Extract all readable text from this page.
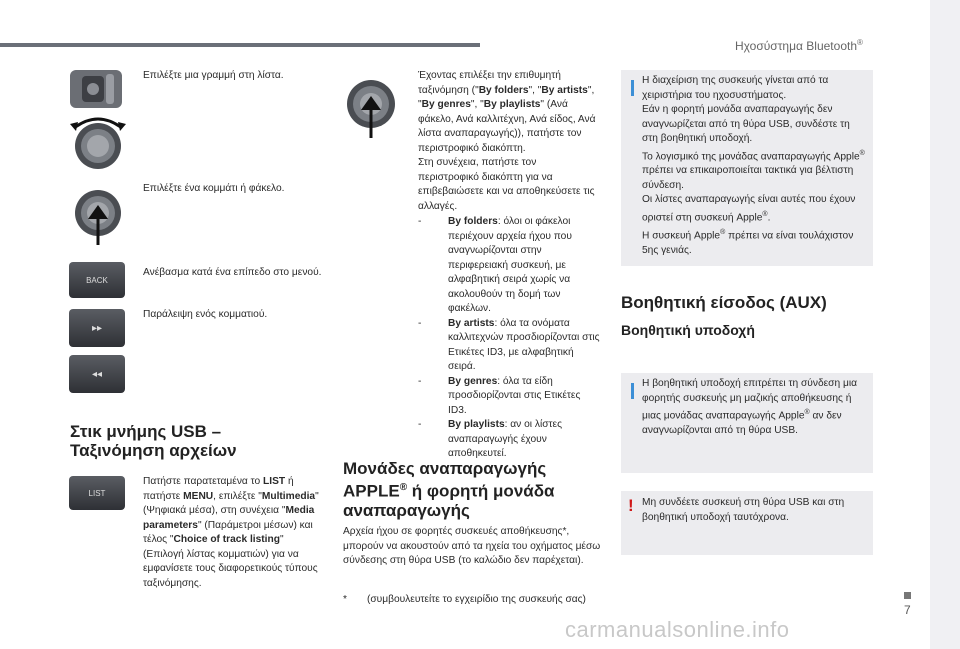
Ηχοσύστημα Bluetooth®
7
carmanualsonline.info
BACK
▸▸
◂◂
LIST
Επιλέξτε μια γραμμή στη λίστα.
Επιλέξτε ένα κομμάτι ή φάκελο.
Ανέβασμα κατά ένα επίπεδο στο μενού.
Παράλειψη ενός κομματιού.
Στικ μνήμης USB – Ταξινόμηση αρχείων
Πατήστε παρατεταμένα το LIST ή πατήστε MENU, επιλέξτε "Multimedia" (Ψηφιακά μέσα), στη συνέχεια "Media parameters" (Παράμετροι μέσων) και τέλος "Choice of track listing" (Επιλογή λίστας κομματιών) για να εμφανίσετε τους διαφορετικούς τύπους ταξινόμησης.
Έχοντας επιλέξει την επιθυμητή ταξινόμηση ("By folders", "By artists", "By genres", "By playlists" (Ανά φάκελο, Ανά καλλιτέχνη, Ανά είδος, Ανά λίστα αναπαραγωγής)), πατήστε τον περιστροφικό διακόπτη.
Στη συνέχεια, πατήστε τον περιστροφικό διακόπτη για να επιβεβαιώσετε και να αποθηκεύσετε τις αλλαγές.
-	By folders: όλοι οι φάκελοι περιέχουν αρχεία ήχου που αναγνωρίζονται στην περιφερειακή συσκευή, με αλφαβητική σειρά χωρίς να ακολουθούν τη δομή των φακέλων.
-	By artists: όλα τα ονόματα καλλιτεχνών προσδιορίζονται στις Ετικέτες ID3, με αλφαβητική σειρά.
-	By genres: όλα τα είδη προσδιορίζονται στις Ετικέτες ID3.
-	By playlists: αν οι λίστες αναπαραγωγής έχουν αποθηκευτεί.
Μονάδες αναπαραγωγής APPLE® ή φορητή μονάδα αναπαραγωγής
Αρχεία ήχου σε φορητές συσκευές αποθήκευσης*, μπορούν να ακουστούν από τα ηχεία του οχήματος μέσω σύνδεσης στη θύρα USB (το καλώδιο δεν παρέχεται).
* (συμβουλευτείτε το εγχειρίδιο της συσκευής σας)
Η διαχείριση της συσκευής γίνεται από τα χειριστήρια του ηχοσυστήματος.
Εάν η φορητή μονάδα αναπαραγωγής δεν αναγνωρίζεται από τη θύρα USB, συνδέστε τη στη βοηθητική υποδοχή.
Το λογισμικό της μονάδας αναπαραγωγής Apple® πρέπει να επικαιροποιείται τακτικά για βέλτιστη σύνδεση.
Οι λίστες αναπαραγωγής είναι αυτές που έχουν οριστεί στη συσκευή Apple®.
Η συσκευή Apple® πρέπει να είναι τουλάχιστον 5ης γενιάς.
Βοηθητική είσοδος (AUX)
Βοηθητική υποδοχή
Η βοηθητική υποδοχή επιτρέπει τη σύνδεση μια φορητής συσκευής μη μαζικής αποθήκευσης ή μιας μονάδας αναπαραγωγής Apple® αν δεν αναγνωρίζονται από τη θύρα USB.
! Μη συνδέετε συσκευή στη θύρα USB και στη βοηθητική υποδοχή ταυτόχρονα.
